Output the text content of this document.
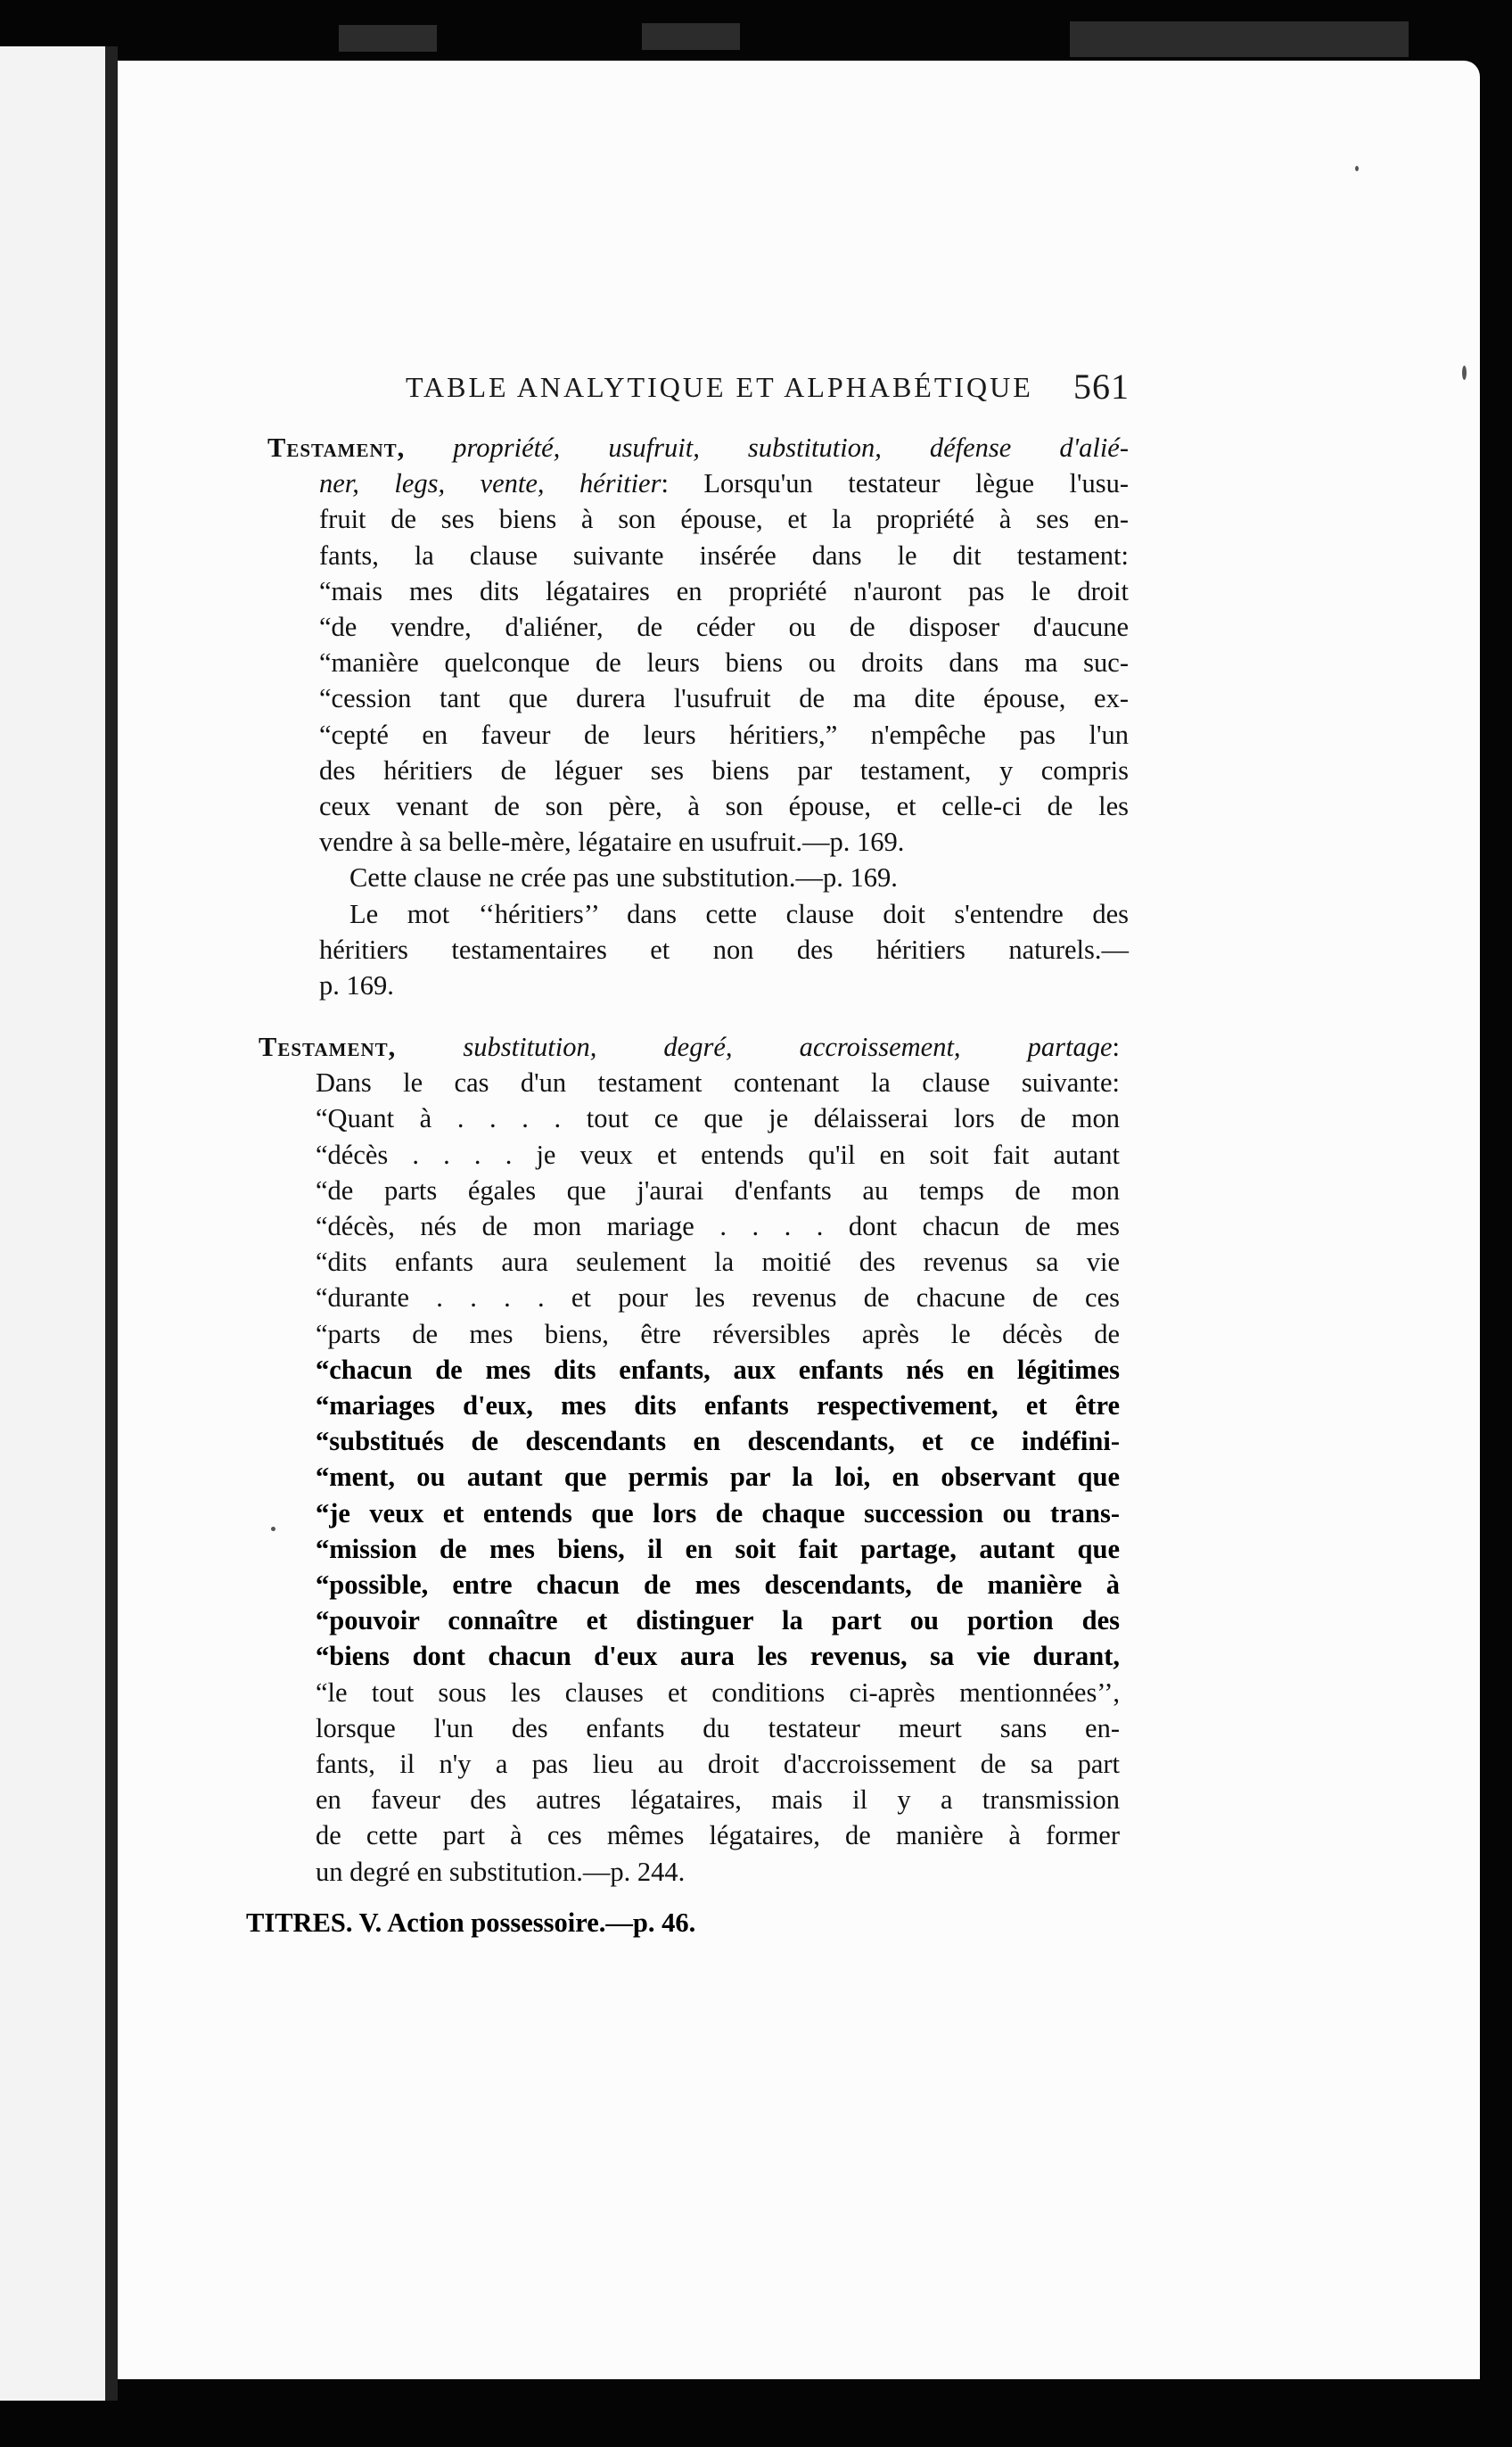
TABLE ANALYTIQUE ET ALPHABÉTIQUE 561
Testament, propriété, usufruit, substitution, défense d'alié-
ner, legs, vente, héritier: Lorsqu'un testateur lègue l'usu-
fruit de ses biens à son épouse, et la propriété à ses en-
fants, la clause suivante insérée dans le dit testament:
“mais mes dits légataires en propriété n'auront pas le droit
“de vendre, d'aliéner, de céder ou de disposer d'aucune
“manière quelconque de leurs biens ou droits dans ma suc-
“cession tant que durera l'usufruit de ma dite épouse, ex-
“cepté en faveur de leurs héritiers,” n'empêche pas l'un
des héritiers de léguer ses biens par testament, y compris
ceux venant de son père, à son épouse, et celle-ci de les
vendre à sa belle-mère, légataire en usufruit.—p. 169.
Cette clause ne crée pas une substitution.—p. 169.
Le mot ‘‘héritiers’’ dans cette clause doit s'entendre des
héritiers testamentaires et non des héritiers naturels.—
p. 169.
Testament, substitution, degré, accroissement, partage:
Dans le cas d'un testament contenant la clause suivante:
“Quant à . . . . tout ce que je délaisserai lors de mon
“décès . . . . je veux et entends qu'il en soit fait autant
“de parts égales que j'aurai d'enfants au temps de mon
“décès, nés de mon mariage . . . . dont chacun de mes
“dits enfants aura seulement la moitié des revenus sa vie
“durante . . . . et pour les revenus de chacune de ces
“parts de mes biens, être réversibles après le décès de
“chacun de mes dits enfants, aux enfants nés en légitimes
“mariages d'eux, mes dits enfants respectivement, et être
“substitués de descendants en descendants, et ce indéfini-
“ment, ou autant que permis par la loi, en observant que
“je veux et entends que lors de chaque succession ou trans-
“mission de mes biens, il en soit fait partage, autant que
“possible, entre chacun de mes descendants, de manière à
“pouvoir connaître et distinguer la part ou portion des
“biens dont chacun d'eux aura les revenus, sa vie durant,
“le tout sous les clauses et conditions ci-après mentionnées’’,
lorsque l'un des enfants du testateur meurt sans en-
fants, il n'y a pas lieu au droit d'accroissement de sa part
en faveur des autres légataires, mais il y a transmission
de cette part à ces mêmes légataires, de manière à former
un degré en substitution.—p. 244.
TITRES. V. Action possessoire.—p. 46.
